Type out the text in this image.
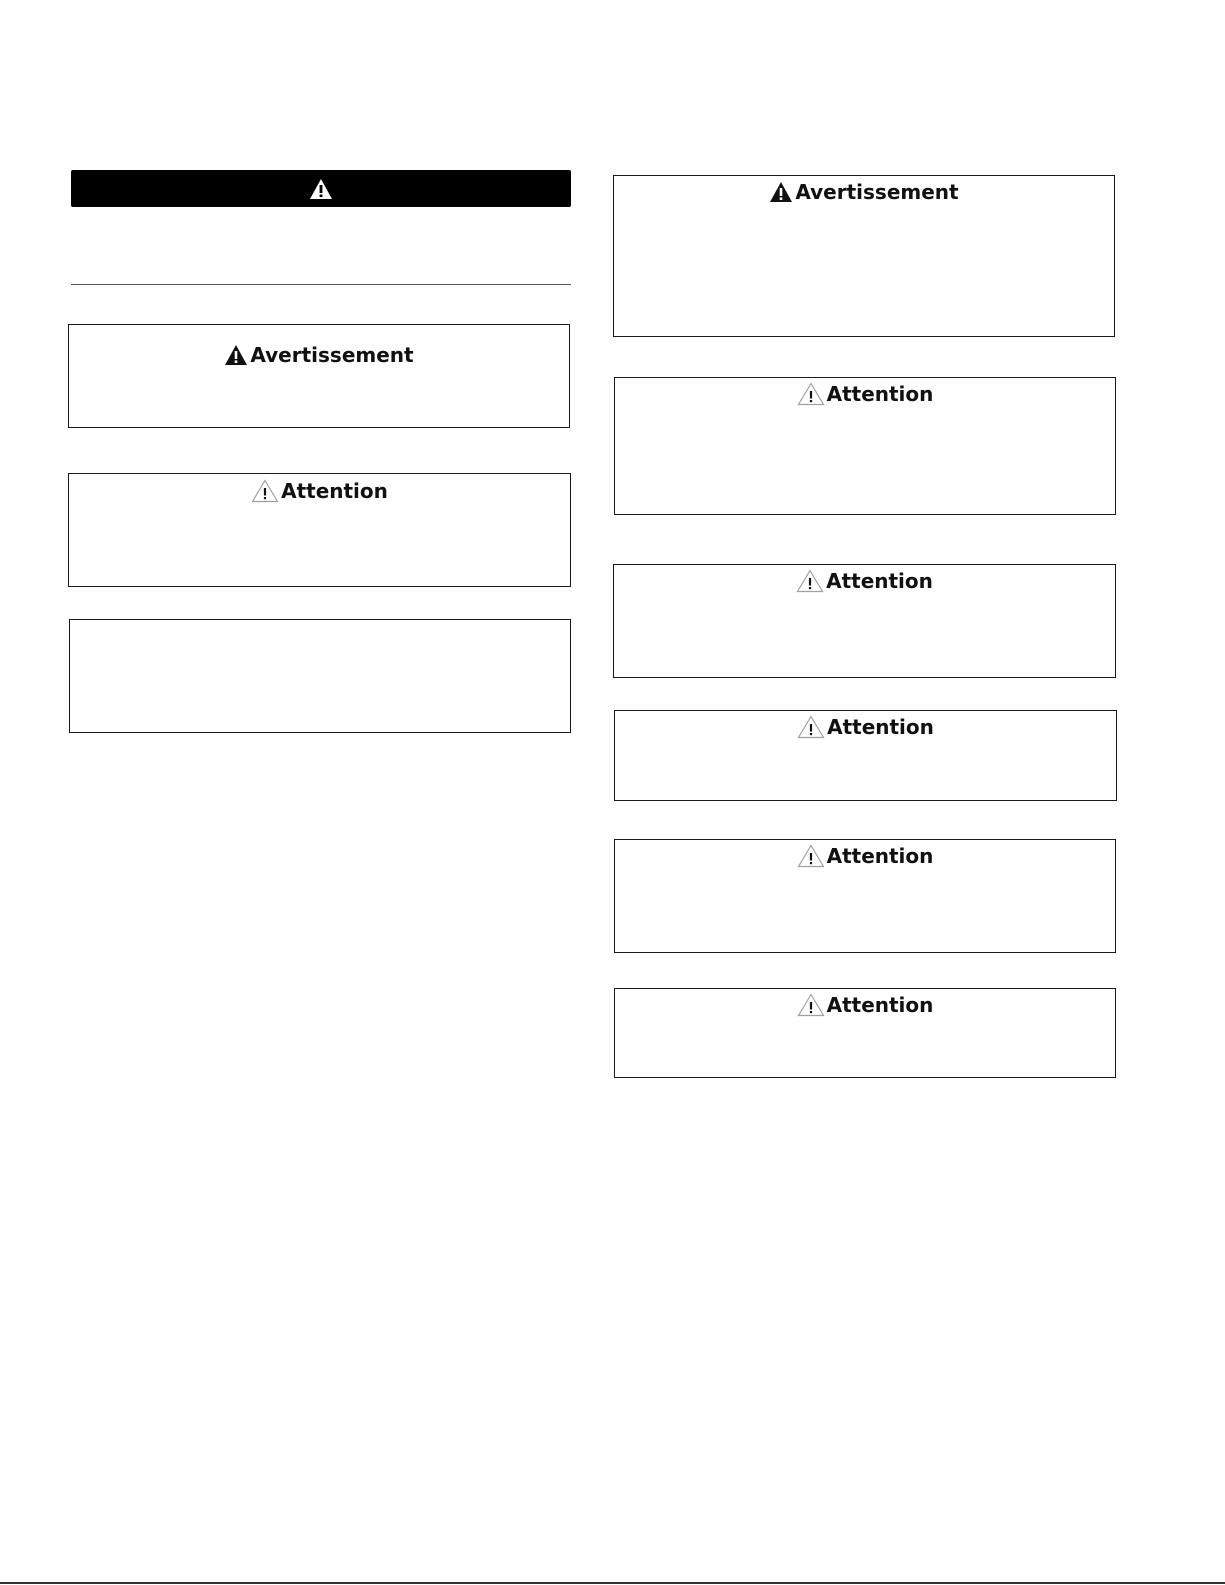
Avertissement
Attention
Avertissement
Attention
Attention
Attention
Attention
Attention
